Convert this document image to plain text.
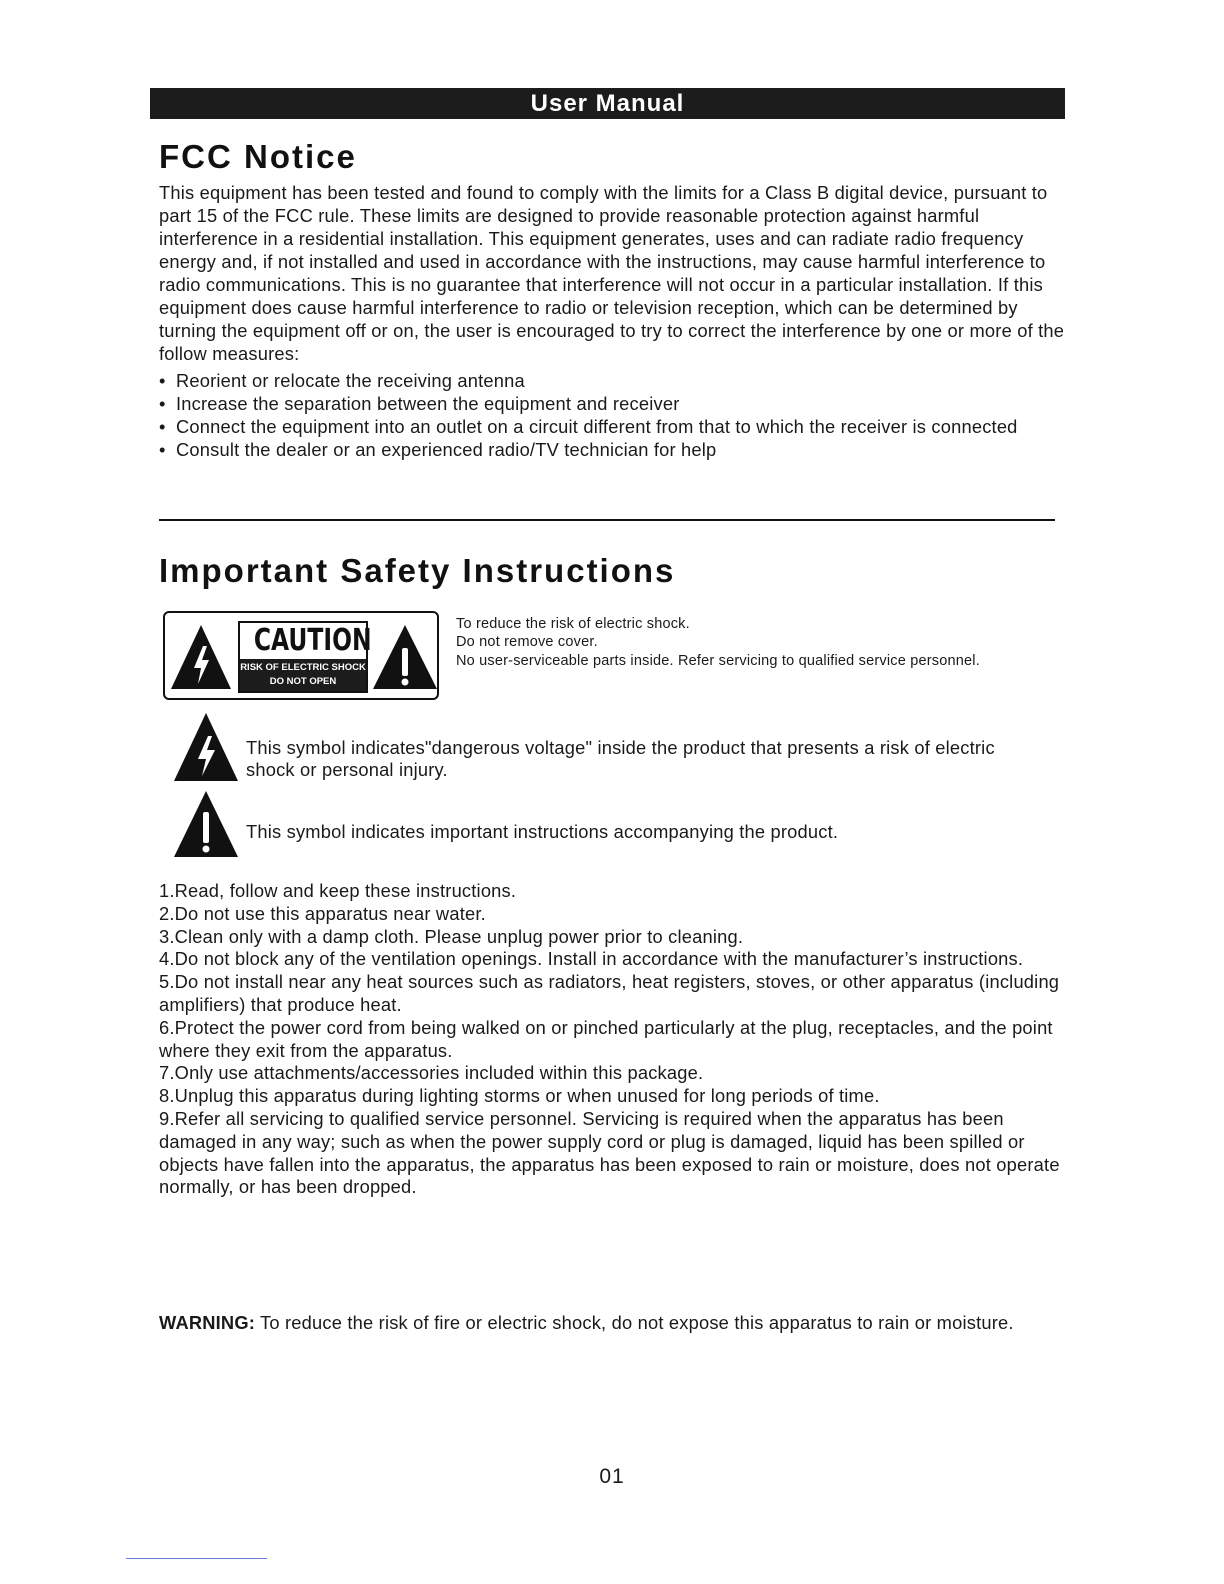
User Manual
FCC Notice

This equipment has been tested and found to comply with the limits for a Class B digital device, pursuant to part 15 of the FCC rule. These limits are designed to provide reasonable protection against harmful interference in a residential installation. This equipment generates, uses and can radiate radio frequency energy and, if not installed and used in accordance with the instructions, may cause harmful interference to radio communications. This is no guarantee that interference will not occur in a particular installation. If this equipment does cause harmful interference to radio or television reception, which can be determined by turning the equipment off or on, the user is encouraged to try to correct the interference by one or more of the follow measures:

• Reorient or relocate the receiving antenna
• Increase the separation between the equipment and receiver
• Connect the equipment into an outlet on a circuit different from that to which the receiver is connected
• Consult the dealer or an experienced radio/TV technician for help
Important Safety Instructions
CAUTION
RISK OF ELECTRIC SHOCK
DO NOT OPEN
To reduce the risk of electric shock.
Do not remove cover.
No user-serviceable parts inside. Refer servicing to qualified service personnel.
This symbol indicates"dangerous voltage" inside the product that presents a risk of electric shock or personal injury.
This symbol indicates important instructions accompanying the product.
1.Read, follow and keep these instructions.
2.Do not use this apparatus near water.
3.Clean only with a damp cloth. Please unplug power prior to cleaning.
4.Do not block any of the ventilation openings. Install in accordance with the manufacturer’s instructions.
5.Do not install near any heat sources such as radiators, heat registers, stoves, or other apparatus (including amplifiers) that produce heat.
6.Protect the power cord from being walked on or pinched particularly at the plug, receptacles, and the point where they exit from the apparatus.
7.Only use attachments/accessories included within this package.
8.Unplug this apparatus during lighting storms or when unused for long periods of time.
9.Refer all servicing to qualified service personnel. Servicing is required when the apparatus has been damaged in any way; such as when the power supply cord or plug is damaged, liquid has been spilled or objects have fallen into the apparatus, the apparatus has been exposed to rain or moisture, does not operate normally, or has been dropped.
WARNING: To reduce the risk of fire or electric shock, do not expose this apparatus to rain or moisture.
01
